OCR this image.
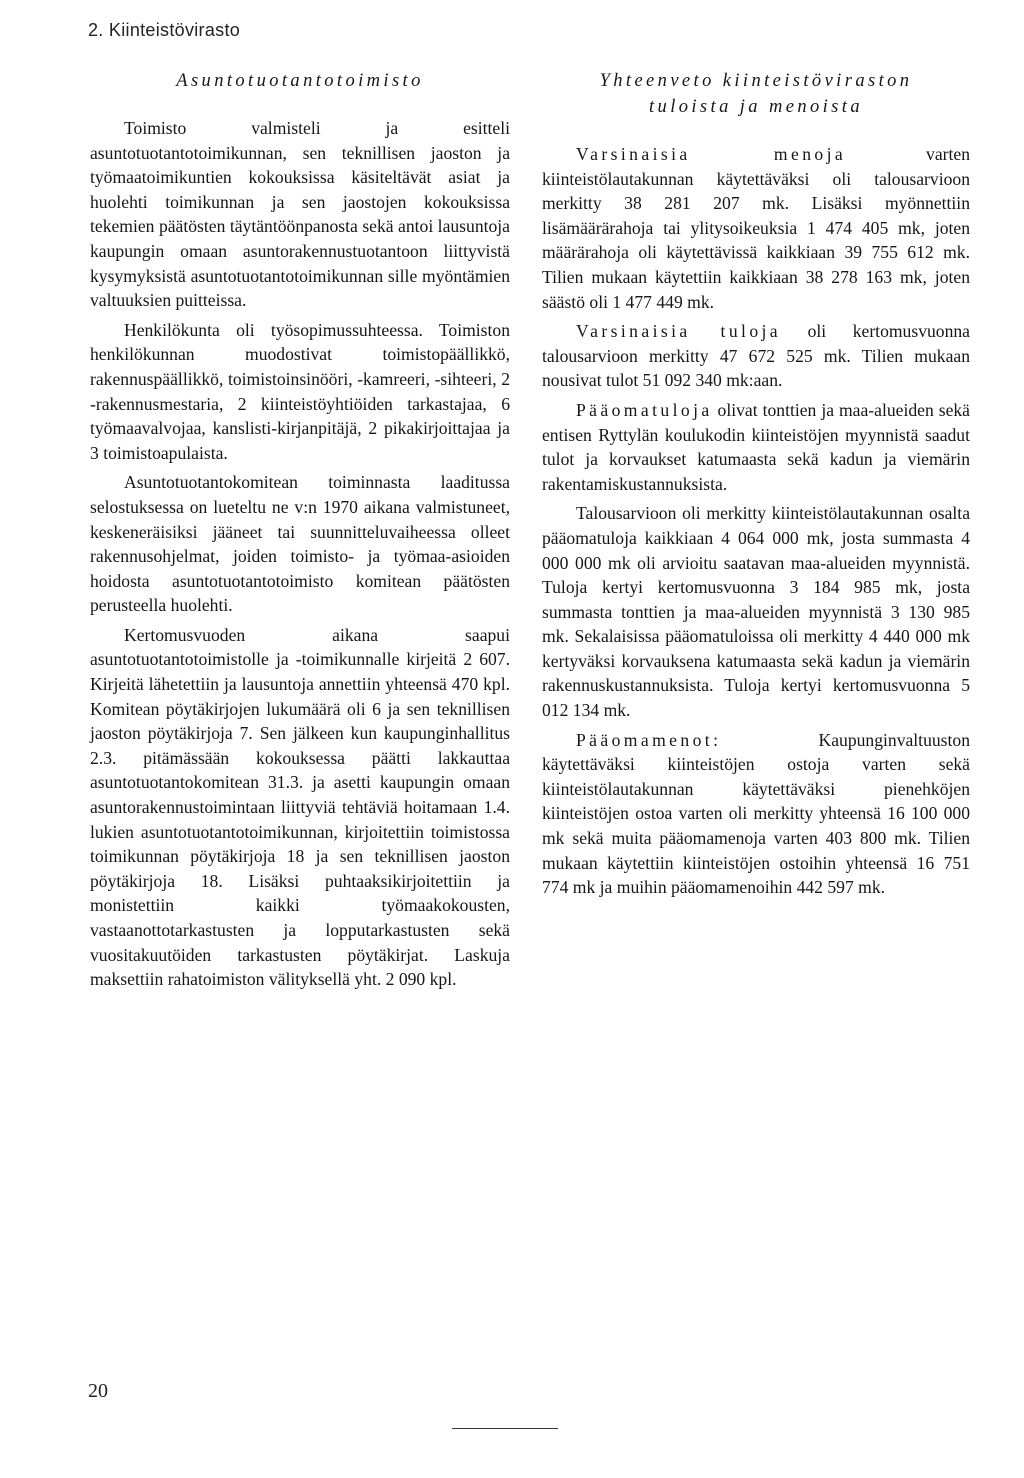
2. Kiinteistövirasto
Asuntotuotantotoimisto

Toimisto valmisteli ja esitteli asuntotuotantotoimikunnan, sen teknillisen jaoston ja työmaatoimikuntien kokouksissa käsiteltävät asiat ja huolehti toimikunnan ja sen jaostojen kokouksissa tekemien päätösten täytäntöönpanosta sekä antoi lausuntoja kaupungin omaan asuntorakennustuotantoon liittyvistä kysymyksistä asuntotuotantotoimikunnan sille myöntämien valtuuksien puitteissa.

Henkilökunta oli työsopimussuhteessa. Toimiston henkilökunnan muodostivat toimistopäällikkö, rakennuspäällikkö, toimistoinsinööri, -kamreeri, -sihteeri, 2 -rakennusmestaria, 2 kiinteistöyhtiöiden tarkastajaa, 6 työmaavalvojaa, kanslisti-kirjanpitäjä, 2 pikakirjoittajaa ja 3 toimistoapulaista.

Asuntotuotantokomitean toiminnasta laaditussa selostuksessa on lueteltu ne v:n 1970 aikana valmistuneet, keskeneräisiksi jääneet tai suunnitteluvaiheessa olleet rakennusohjelmat, joiden toimisto- ja työmaa-asioiden hoidosta asuntotuotantotoimisto komitean päätösten perusteella huolehti.

Kertomusvuoden aikana saapui asuntotuotantotoimistolle ja -toimikunnalle kirjeitä 2 607. Kirjeitä lähetettiin ja lausuntoja annettiin yhteensä 470 kpl. Komitean pöytäkirjojen lukumäärä oli 6 ja sen teknillisen jaoston pöytäkirjoja 7. Sen jälkeen kun kaupunginhallitus 2.3. pitämässään kokouksessa päätti lakkauttaa asuntotuotantokomitean 31.3. ja asetti kaupungin omaan asuntorakennustoimintaan liittyviä tehtäviä hoitamaan 1.4. lukien asuntotuotantotoimikunnan, kirjoitettiin toimistossa toimikunnan pöytäkirjoja 18 ja sen teknillisen jaoston pöytäkirjoja 18. Lisäksi puhtaaksikirjoitettiin ja monistettiin kaikki työmaakokousten, vastaanottotarkastusten ja lopputarkastusten sekä vuositakuutöiden tarkastusten pöytäkirjat. Laskuja maksettiin rahatoimiston välityksellä yht. 2 090 kpl.

Yhteenveto kiinteistöviraston
tuloista ja menoista

Varsinaisia menoja varten kiinteistölautakunnan käytettäväksi oli talousarvioon merkitty 38 281 207 mk. Lisäksi myönnettiin lisämäärärahoja tai ylitysoikeuksia 1 474 405 mk, joten määrärahoja oli käytettävissä kaikkiaan 39 755 612 mk. Tilien mukaan käytettiin kaikkiaan 38 278 163 mk, joten säästö oli 1 477 449 mk.

Varsinaisia tuloja oli kertomusvuonna talousarvioon merkitty 47 672 525 mk. Tilien mukaan nousivat tulot 51 092 340 mk:aan.

Pääomatuloja olivat tonttien ja maa-alueiden sekä entisen Ryttylän koulukodin kiinteistöjen myynnistä saadut tulot ja korvaukset katumaasta sekä kadun ja viemärin rakentamiskustannuksista.

Talousarvioon oli merkitty kiinteistölautakunnan osalta pääomatuloja kaikkiaan 4 064 000 mk, josta summasta 4 000 000 mk oli arvioitu saatavan maa-alueiden myynnistä. Tuloja kertyi kertomusvuonna 3 184 985 mk, josta summasta tonttien ja maa-alueiden myynnistä 3 130 985 mk. Sekalaisissa pääomatuloissa oli merkitty 4 440 000 mk kertyväksi korvauksena katumaasta sekä kadun ja viemärin rakennuskustannuksista. Tuloja kertyi kertomusvuonna 5 012 134 mk.

Pääomamenot: Kaupunginvaltuuston käytettäväksi kiinteistöjen ostoja varten sekä kiinteistölautakunnan käytettäväksi pienehköjen kiinteistöjen ostoa varten oli merkitty yhteensä 16 100 000 mk sekä muita pääomamenoja varten 403 800 mk. Tilien mukaan käytettiin kiinteistöjen ostoihin yhteensä 16 751 774 mk ja muihin pääomamenoihin 442 597 mk.

20
